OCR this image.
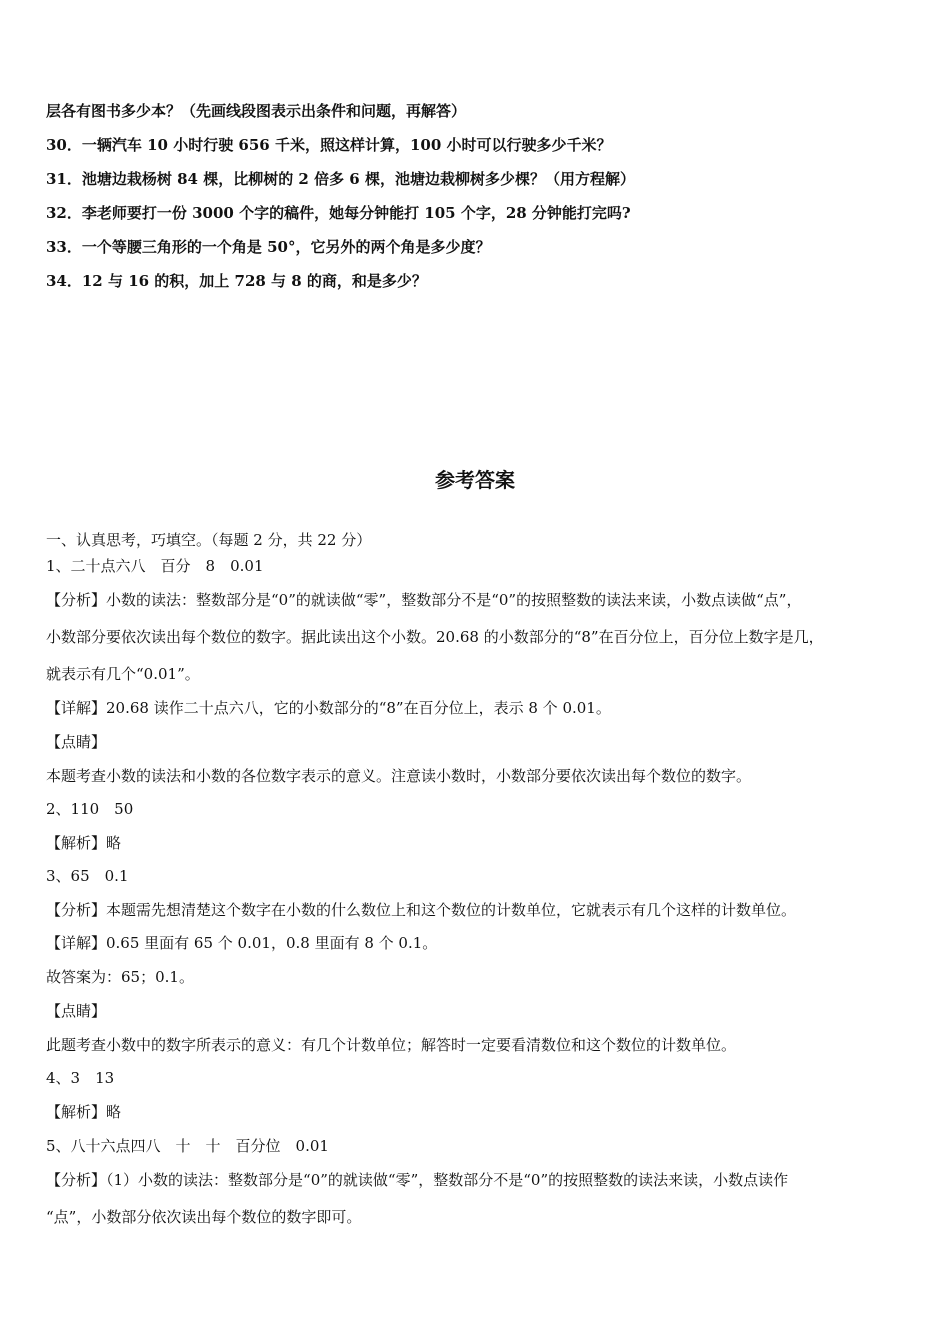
层各有图书多少本？（先画线段图表示出条件和问题，再解答）
30．一辆汽车 10 小时行驶 656 千米，照这样计算，100 小时可以行驶多少千米？
31．池塘边栽杨树 84 棵，比柳树的 2 倍多 6 棵，池塘边栽柳树多少棵？（用方程解）
32．李老师要打一份 3000 个字的稿件，她每分钟能打 105 个字，28 分钟能打完吗?
33．一个等腰三角形的一个角是 50°，它另外的两个角是多少度？
34．12 与 16 的积，加上 728 与 8 的商，和是多少？
参考答案
一、认真思考，巧填空。（每题 2 分，共 22 分）
1、二十点六八　百分　8　0.01
【分析】小数的读法：整数部分是“0”的就读做“零”，整数部分不是“0”的按照整数的读法来读，小数点读做“点”，
小数部分要依次读出每个数位的数字。据此读出这个小数。20.68 的小数部分的“8”在百分位上，百分位上数字是几，
就表示有几个“0.01”。
【详解】20.68 读作二十点六八，它的小数部分的“8”在百分位上，表示 8 个 0.01。
【点睛】
本题考查小数的读法和小数的各位数字表示的意义。注意读小数时，小数部分要依次读出每个数位的数字。
2、110　50
【解析】略
3、65　0.1
【分析】本题需先想清楚这个数字在小数的什么数位上和这个数位的计数单位，它就表示有几个这样的计数单位。
【详解】0.65 里面有 65 个 0.01，0.8 里面有 8 个 0.1。
故答案为：65；0.1。
【点睛】
此题考查小数中的数字所表示的意义：有几个计数单位；解答时一定要看清数位和这个数位的计数单位。
4、3　13
【解析】略
5、八十六点四八　十　十　百分位　0.01
【分析】（1）小数的读法：整数部分是“0”的就读做“零”，整数部分不是“0”的按照整数的读法来读，小数点读作
“点”，小数部分依次读出每个数位的数字即可。
